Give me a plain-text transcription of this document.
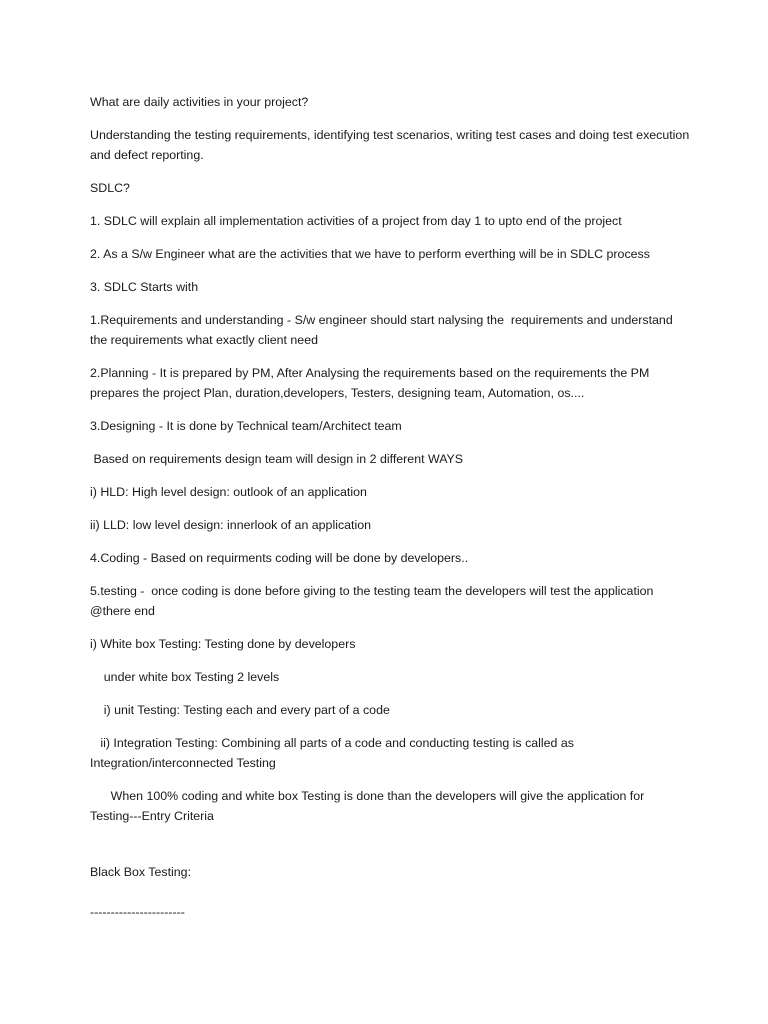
What are daily activities in your project?

Understanding the testing requirements, identifying test scenarios, writing test cases and doing test execution and defect reporting.

SDLC?

1. SDLC will explain all implementation activities of a project from day 1 to upto end of the project

2. As a S/w Engineer what are the activities that we have to perform everthing will be in SDLC process

3. SDLC Starts with

1.Requirements and understanding - S/w engineer should start nalysing the  requirements and understand the requirements what exactly client need

2.Planning - It is prepared by PM, After Analysing the requirements based on the requirements the PM prepares the project Plan, duration,developers, Testers, designing team, Automation, os....

3.Designing - It is done by Technical team/Architect team

Based on requirements design team will design in 2 different WAYS

i) HLD: High level design: outlook of an application

ii) LLD: low level design: innerlook of an application

4.Coding - Based on requirments coding will be done by developers..

5.testing -  once coding is done before giving to the testing team the developers will test the application @there end

i) White box Testing: Testing done by developers

under white box Testing 2 levels

i) unit Testing: Testing each and every part of a code

ii) Integration Testing: Combining all parts of a code and conducting testing is called as Integration/interconnected Testing

When 100% coding and white box Testing is done than the developers will give the application for Testing---Entry Criteria

Black Box Testing:

-----------------------
